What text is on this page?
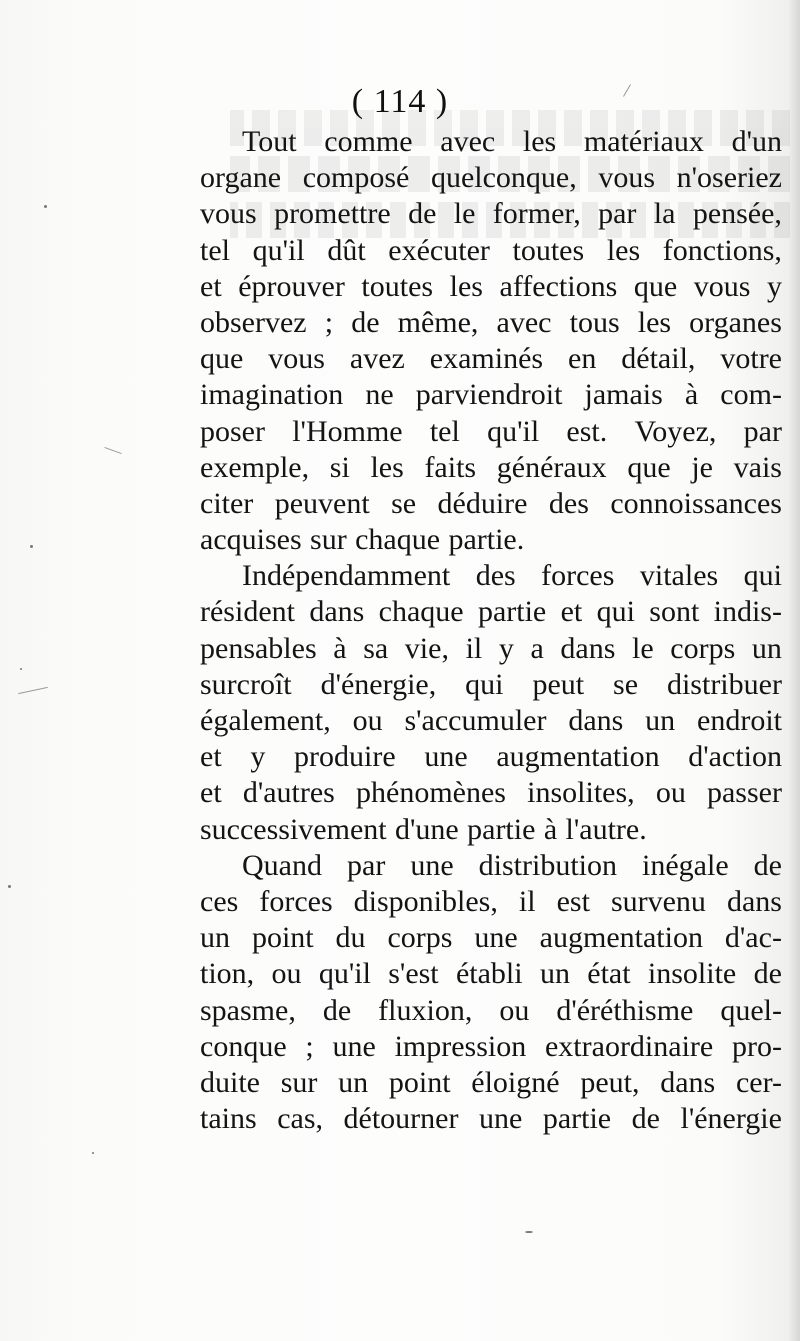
( 114 )
Tout comme avec les matériaux d'un
organe composé quelconque, vous n'oseriez
vous promettre de le former, par la pensée,
tel qu'il dût exécuter toutes les fonctions,
et éprouver toutes les affections que vous y
observez ; de même, avec tous les organes
que vous avez examinés en détail, votre
imagination ne parviendroit jamais à com-
poser l'Homme tel qu'il est. Voyez, par
exemple, si les faits généraux que je vais
citer peuvent se déduire des connoissances
acquises sur chaque partie.
Indépendamment des forces vitales qui
résident dans chaque partie et qui sont indis-
pensables à sa vie, il y a dans le corps un
surcroît d'énergie, qui peut se distribuer
également, ou s'accumuler dans un endroit
et y produire une augmentation d'action
et d'autres phénomènes insolites, ou passer
successivement d'une partie à l'autre.
Quand par une distribution inégale de
ces forces disponibles, il est survenu dans
un point du corps une augmentation d'ac-
tion, ou qu'il s'est établi un état insolite de
spasme, de fluxion, ou d'éréthisme quel-
conque ; une impression extraordinaire pro-
duite sur un point éloigné peut, dans cer-
tains cas, détourner une partie de l'énergie
